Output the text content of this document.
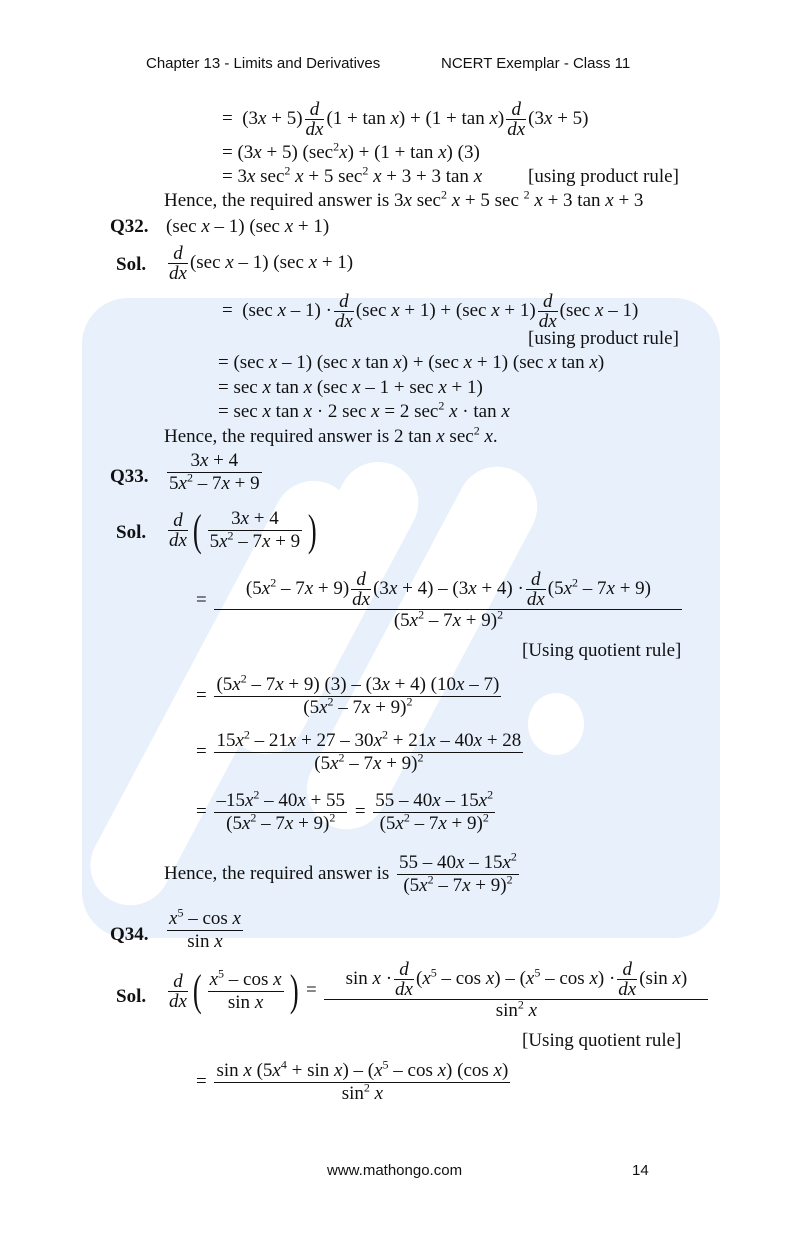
Chapter 13 - Limits and Derivatives	NCERT Exemplar - Class 11
=  $(3x + 5) \frac{d}{dx} (1 + \tan x) + (1 + \tan x) \frac{d}{dx} (3x + 5)$
= (3x + 5) $(\sec^2x) + (1 + \tan x)$ (3)
= 3x $\sec^2 x + 5$ $\sec^2 x + 3 + 3$ tan x [using product rule]
Hence, the required answer is 3x $\sec^2 x + 5$ sec $^2$ x + 3 tan x + 3
Q32. (sec x – 1) (sec x + 1)
Sol. $\frac{d}{dx} (\sec$ x – 1) (sec x + 1)
=  (sec $x - 1) \cdot \frac{d}{dx} (\sec$ x + 1) + (sec $x + 1) \frac{d}{dx} (\sec$ x – 1)
[using product rule]
= (sec x – 1) (sec x tan x) + (sec x + 1) (sec x tan x)
= sec x tan x (sec x – 1 + sec x + 1)
= sec x tan x · 2 sec x = 2 $\sec^2 x \cdot \tan x$
Hence, the required answer is 2 tan x $\sec^2 x$.
Q33. $\frac{3x + 4}{5x^2 - 7x + 9}$
Sol. $\frac{d}{dx}$ ( $\frac{3x + 4}{5x^2 - 7x + 9}$ )
= $\frac{(5x^2 - 7x + 9) \frac{d}{dx} (3x + 4) - (3x + 4) \cdot \frac{d}{dx} (5x^2 - 7x + 9)}{(5x^2 - 7x + 9)^2}$
[Using quotient rule]
= $\frac{(5x^2 - 7x + 9) (3) - (3x + 4) (10x - 7)}{(5x^2 - 7x + 9)^2}$
= $\frac{15x^2 - 21x + 27 - 30x^2 + 21x - 40x + 28}{(5x^2 - 7x + 9)^2}$
= $\frac{-15x^2 - 40x + 55}{(5x^2 - 7x + 9)^2} = \frac{55 - 40x - 15x^2}{(5x^2 - 7x + 9)^2}$
Hence, the required answer is $\frac{55 - 40x - 15x^2}{(5x^2 - 7x + 9)^2}$
Q34. $\frac{x^5 - \cos x}{\text{sin x}}$
Sol. $\frac{d}{dx}$ ( $\frac{x^5 - \cos x}{\text{sin x}}$ ) = $\frac{\sin x \cdot \frac{d}{dx} (x^5 - \cos x) - (x^5 - \cos x) \cdot \frac{d}{dx} (\sin x)}{\sin^2 x}$
[Using quotient rule]
= $\frac{\sin x (5x^4 + \sin x) - (x^5 - \cos x) (\cos x)}{\sin^2 x}$
www.mathongo.com	14
